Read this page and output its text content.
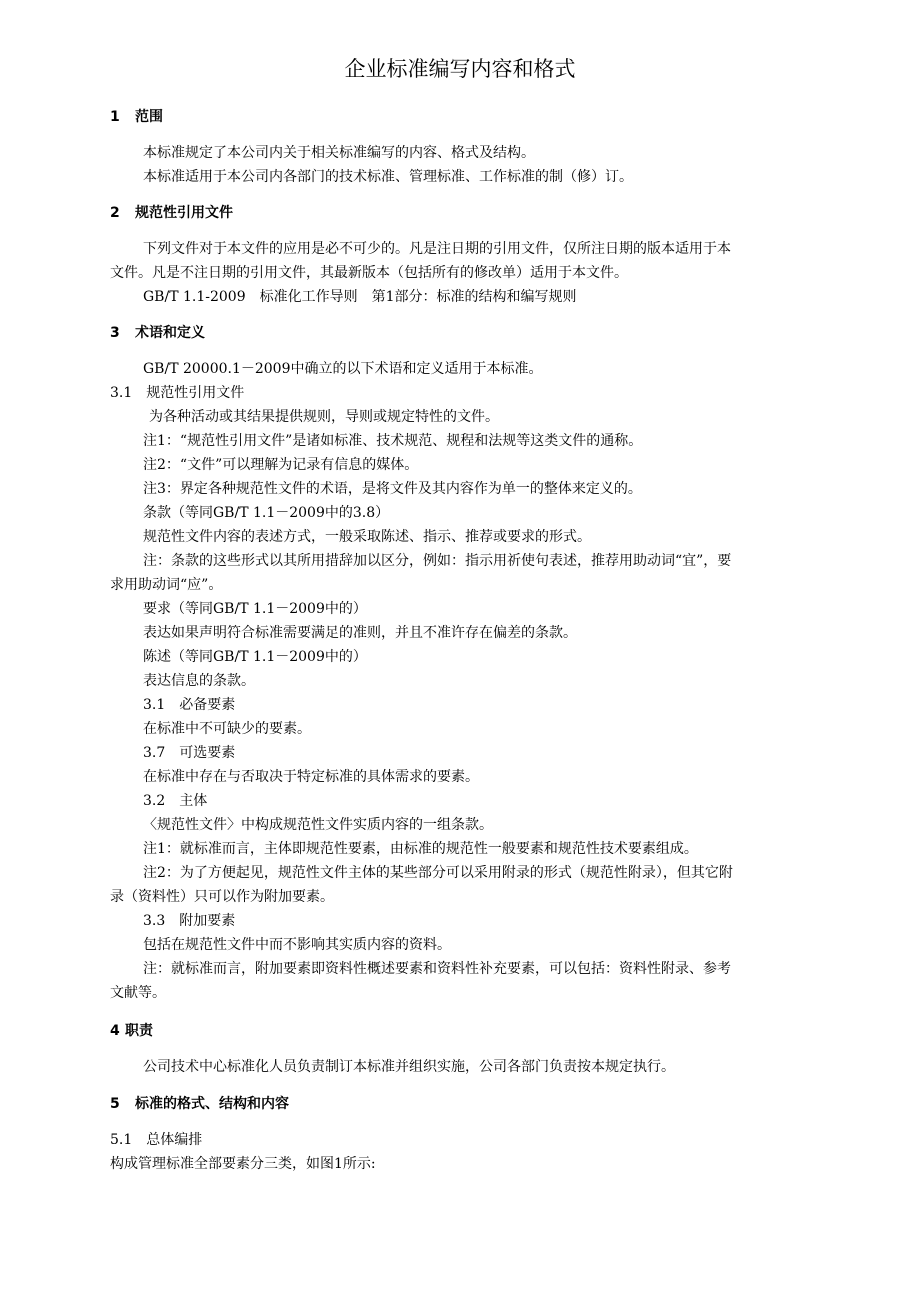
企业标准编写内容和格式
1 范围
本标准规定了本公司内关于相关标准编写的内容、格式及结构。
本标准适用于本公司内各部门的技术标准、管理标准、工作标准的制（修）订。
2 规范性引用文件
下列文件对于本文件的应用是必不可少的。凡是注日期的引用文件，仅所注日期的版本适用于本
文件。凡是不注日期的引用文件，其最新版本（包括所有的修改单）适用于本文件。
GB/T 1.1-2009　标准化工作导则　第1部分：标准的结构和编写规则
3 术语和定义
GB/T 20000.1－2009中确立的以下术语和定义适用于本标准。
3.1　规范性引用文件
为各种活动或其结果提供规则，导则或规定特性的文件。
注1：“规范性引用文件”是诸如标准、技术规范、规程和法规等这类文件的通称。
注2：“文件”可以理解为记录有信息的媒体。
注3：界定各种规范性文件的术语，是将文件及其内容作为单一的整体来定义的。
条款（等同GB/T 1.1－2009中的3.8）
规范性文件内容的表述方式，一般采取陈述、指示、推荐或要求的形式。
注：条款的这些形式以其所用措辞加以区分，例如：指示用祈使句表述，推荐用助动词“宜”，要
求用助动词“应”。
要求（等同GB/T 1.1－2009中的）
表达如果声明符合标准需要满足的准则，并且不准许存在偏差的条款。
陈述（等同GB/T 1.1－2009中的）
表达信息的条款。
3.1　必备要素
在标准中不可缺少的要素。
3.7　可选要素
在标准中存在与否取决于特定标准的具体需求的要素。
3.2　主体
〈规范性文件〉中构成规范性文件实质内容的一组条款。
注1：就标准而言，主体即规范性要素，由标准的规范性一般要素和规范性技术要素组成。
注2：为了方便起见，规范性文件主体的某些部分可以采用附录的形式（规范性附录），但其它附
录（资料性）只可以作为附加要素。
3.3　附加要素
包括在规范性文件中而不影响其实质内容的资料。
注：就标准而言，附加要素即资料性概述要素和资料性补充要素，可以包括：资料性附录、参考
文献等。
4 职责
公司技术中心标准化人员负责制订本标准并组织实施，公司各部门负责按本规定执行。
5 标准的格式、结构和内容
5.1　总体编排
构成管理标准全部要素分三类，如图1所示:
